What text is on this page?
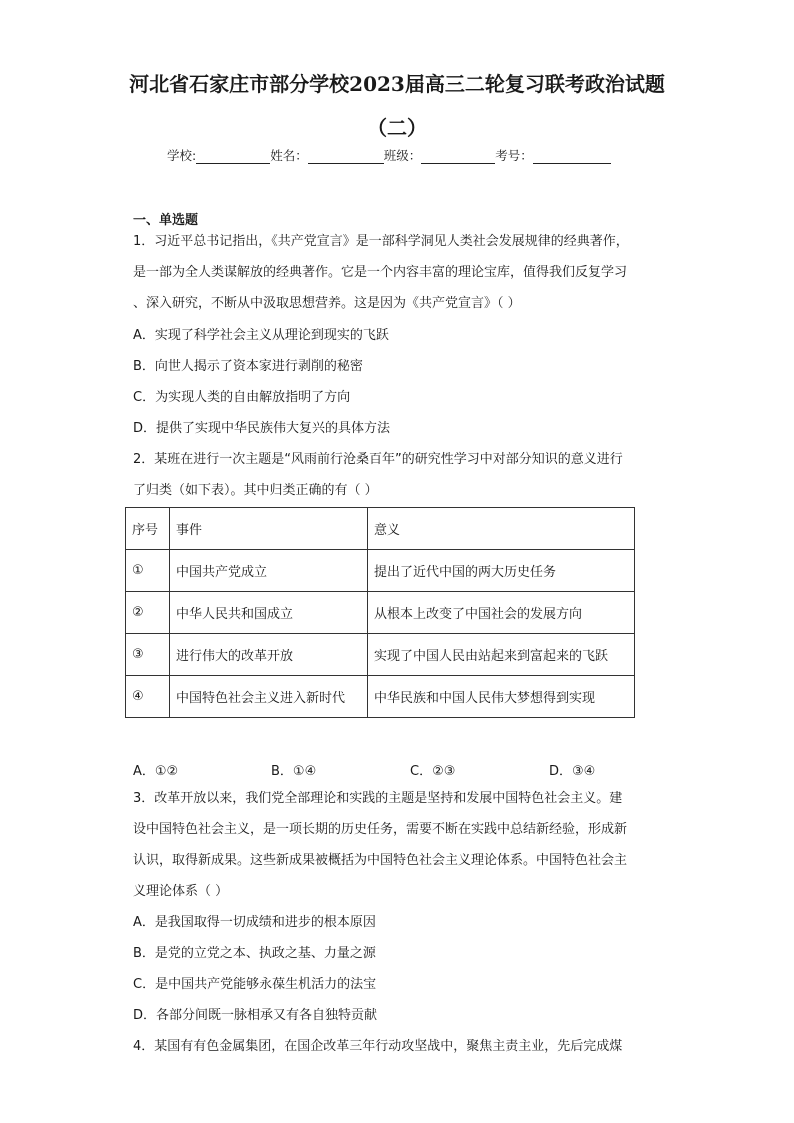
河北省石家庄市部分学校2023届高三二轮复习联考政治试题
（二）
学校:	姓名：	班级：	考号：
一、单选题
1．习近平总书记指出，《共产党宣言》是一部科学洞见人类社会发展规律的经典著作，
是一部为全人类谋解放的经典著作。它是一个内容丰富的理论宝库，值得我们反复学习
、深入研究，不断从中汲取思想营养。这是因为《共产党宣言》（ ）
A．实现了科学社会主义从理论到现实的飞跃
B．向世人揭示了资本家进行剥削的秘密
C．为实现人类的自由解放指明了方向
D．提供了实现中华民族伟大复兴的具体方法
2．某班在进行一次主题是“风雨前行沧桑百年”的研究性学习中对部分知识的意义进行
了归类（如下表）。其中归类正确的有（ ）
序号	事件	意义
①	中国共产党成立	提出了近代中国的两大历史任务
②	中华人民共和国成立	从根本上改变了中国社会的发展方向
③	进行伟大的改革开放	实现了中国人民由站起来到富起来的飞跃
④	中国特色社会主义进入新时代	中华民族和中国人民伟大梦想得到实现
A．①②	B．①④	C．②③	D．③④
3．改革开放以来，我们党全部理论和实践的主题是坚持和发展中国特色社会主义。建
设中国特色社会主义，是一项长期的历史任务，需要不断在实践中总结新经验，形成新
认识，取得新成果。这些新成果被概括为中国特色社会主义理论体系。中国特色社会主
义理论体系（ ）
A．是我国取得一切成绩和进步的根本原因
B．是党的立党之本、执政之基、力量之源
C．是中国共产党能够永葆生机活力的法宝
D．各部分间既一脉相承又有各自独特贡献
4．某国有有色金属集团，在国企改革三年行动攻坚战中，聚焦主责主业，先后完成煤
